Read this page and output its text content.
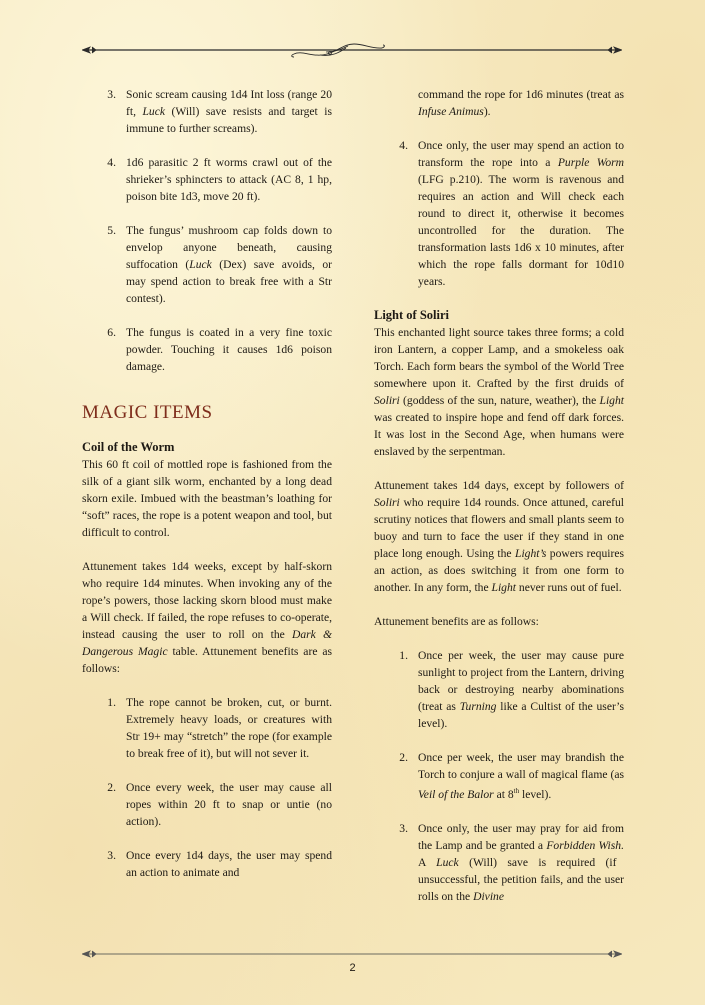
3. Sonic scream causing 1d4 Int loss (range 20 ft, Luck (Will) save resists and target is immune to further screams).
4. 1d6 parasitic 2 ft worms crawl out of the shrieker’s sphincters to attack (AC 8, 1 hp, poison bite 1d3, move 20 ft).
5. The fungus’ mushroom cap folds down to envelop anyone beneath, causing suffocation (Luck (Dex) save avoids, or may spend action to break free with a Str contest).
6. The fungus is coated in a very fine toxic powder. Touching it causes 1d6 poison damage.
MAGIC ITEMS
Coil of the Worm

This 60 ft coil of mottled rope is fashioned from the silk of a giant silk worm, enchanted by a long dead skorn exile. Imbued with the beastman’s loathing for “soft” races, the rope is a potent weapon and tool, but difficult to control.

Attunement takes 1d4 weeks, except by half-skorn who require 1d4 minutes. When invoking any of the rope’s powers, those lacking skorn blood must make a Will check. If failed, the rope refuses to co-operate, instead causing the user to roll on the Dark & Dangerous Magic table. Attunement benefits are as follows:

1. The rope cannot be broken, cut, or burnt. Extremely heavy loads, or creatures with Str 19+ may “stretch” the rope (for example to break free of it), but will not sever it.
2. Once every week, the user may cause all ropes within 20 ft to snap or untie (no action).
3. Once every 1d4 days, the user may spend an action to animate and
command the rope for 1d6 minutes (treat as Infuse Animus).
4. Once only, the user may spend an action to transform the rope into a Purple Worm (LFG p.210). The worm is ravenous and requires an action and Will check each round to direct it, otherwise it becomes uncontrolled for the duration. The transformation lasts 1d6 x 10 minutes, after which the rope falls dormant for 10d10 years.
Light of Soliri

This enchanted light source takes three forms; a cold iron Lantern, a copper Lamp, and a smokeless oak Torch. Each form bears the symbol of the World Tree somewhere upon it. Crafted by the first druids of Soliri (goddess of the sun, nature, weather), the Light was created to inspire hope and fend off dark forces. It was lost in the Second Age, when humans were enslaved by the serpentman.

Attunement takes 1d4 days, except by followers of Soliri who require 1d4 rounds. Once attuned, careful scrutiny notices that flowers and small plants seem to buoy and turn to face the user if they stand in one place long enough. Using the Light’s powers requires an action, as does switching it from one form to another. In any form, the Light never runs out of fuel.

Attunement benefits are as follows:

1. Once per week, the user may cause pure sunlight to project from the Lantern, driving back or destroying nearby abominations (treat as Turning like a Cultist of the user’s level).
2. Once per week, the user may brandish the Torch to conjure a wall of magical flame (as Veil of the Balor at 8th level).
3. Once only, the user may pray for aid from the Lamp and be granted a Forbidden Wish. A Luck (Will) save is required (if unsuccessful, the petition fails, and the user rolls on the Divine
2
